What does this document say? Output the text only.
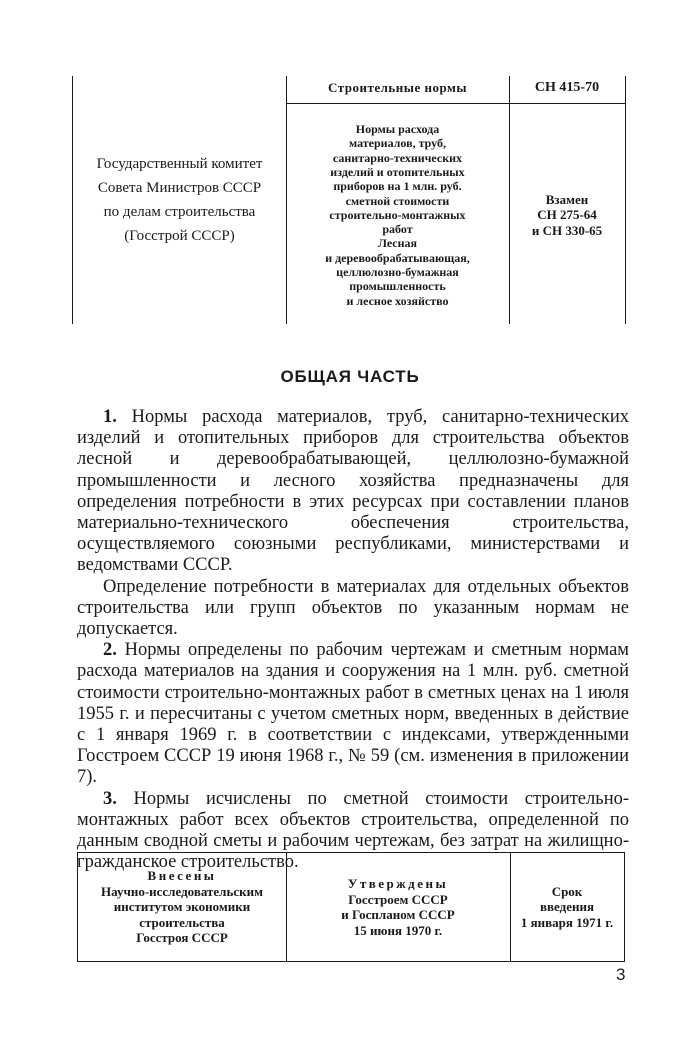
Государственный комитет
Совета Министров СССР
по делам строительства
(Госстрой СССР)
Строительные нормы	СН 415-70
Нормы расхода
материалов, труб,
санитарно-технических
изделий и отопительных
приборов на 1 млн. руб.
сметной стоимости
строительно-монтажных
работ
Лесная
и деревообрабатывающая,
целлюлозно-бумажная
промышленность
и лесное хозяйство
Взамен
СН 275-64
и СН 330-65
ОБЩАЯ ЧАСТЬ

1. Нормы расхода материалов, труб, санитарно-технических изделий и отопительных приборов для строительства объектов лесной и деревообрабатывающей, целлюлозно-бумажной промышленности и лесного хозяйства предназначены для определения потребности в этих ресурсах при составлении планов материально-технического обеспечения строительства, осуществляемого союзными республиками, министерствами и ведомствами СССР.

Определение потребности в материалах для отдельных объектов строительства или групп объектов по указанным нормам не допускается.

2. Нормы определены по рабочим чертежам и сметным нормам расхода материалов на здания и сооружения на 1 млн. руб. сметной стоимости строительно-монтажных работ в сметных ценах на 1 июля 1955 г. и пересчитаны с учетом сметных норм, введенных в действие с 1 января 1969 г. в соответствии с индексами, утвержденными Госстроем СССР 19 июня 1968 г., № 59 (см. изменения в приложении 7).

3. Нормы исчислены по сметной стоимости строительно-монтажных работ всех объектов строительства, определенной по данным сводной сметы и рабочим чертежам, без затрат на жилищно-гражданское строительство.

Внесены
Научно-исследовательским
институтом экономики
строительства
Госстроя СССР
Утверждены
Госстроем СССР
и Госпланом СССР
15 июня 1970 г.
Срок
введения
1 января 1971 г.
3
